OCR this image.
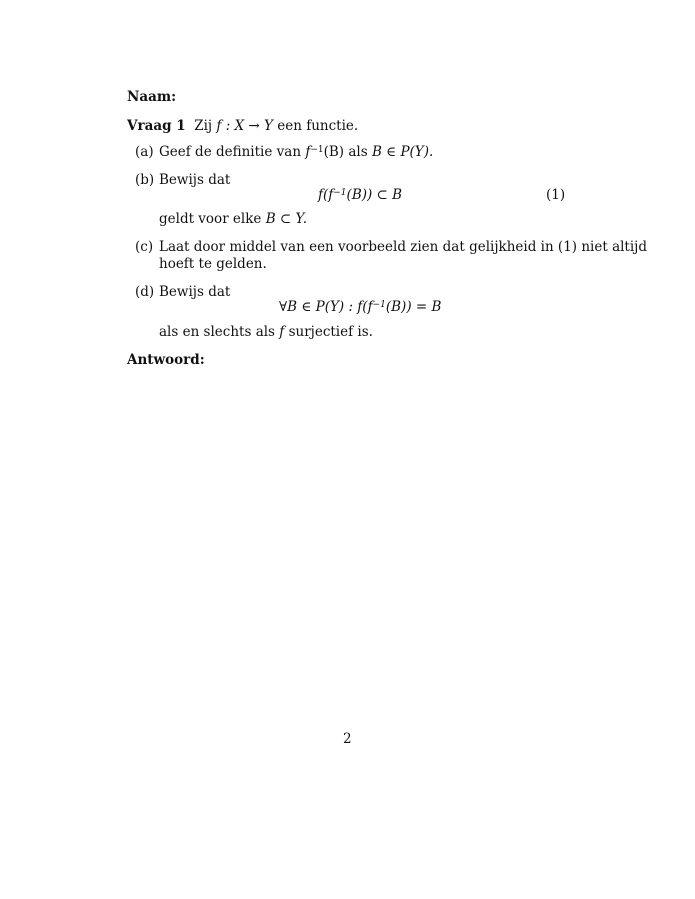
Naam:
Vraag 1 Zij f : X → Y een functie.
(a) Geef de definitie van $f^{-1}(B)$ als B ∈ P(Y).
(b) Bewijs dat
$f(f^{-1}(B))$ ⊂ B	(1)
geldt voor elke B ⊂ Y.
(c) Laat door middel van een voorbeeld zien dat gelijkheid in (1) niet altijd
hoeft te gelden.
(d) Bewijs dat
∀B ∈ P(Y) : $f(f^{-1}(B)) = B$
als en slechts als f surjectief is.
Antwoord:
2
